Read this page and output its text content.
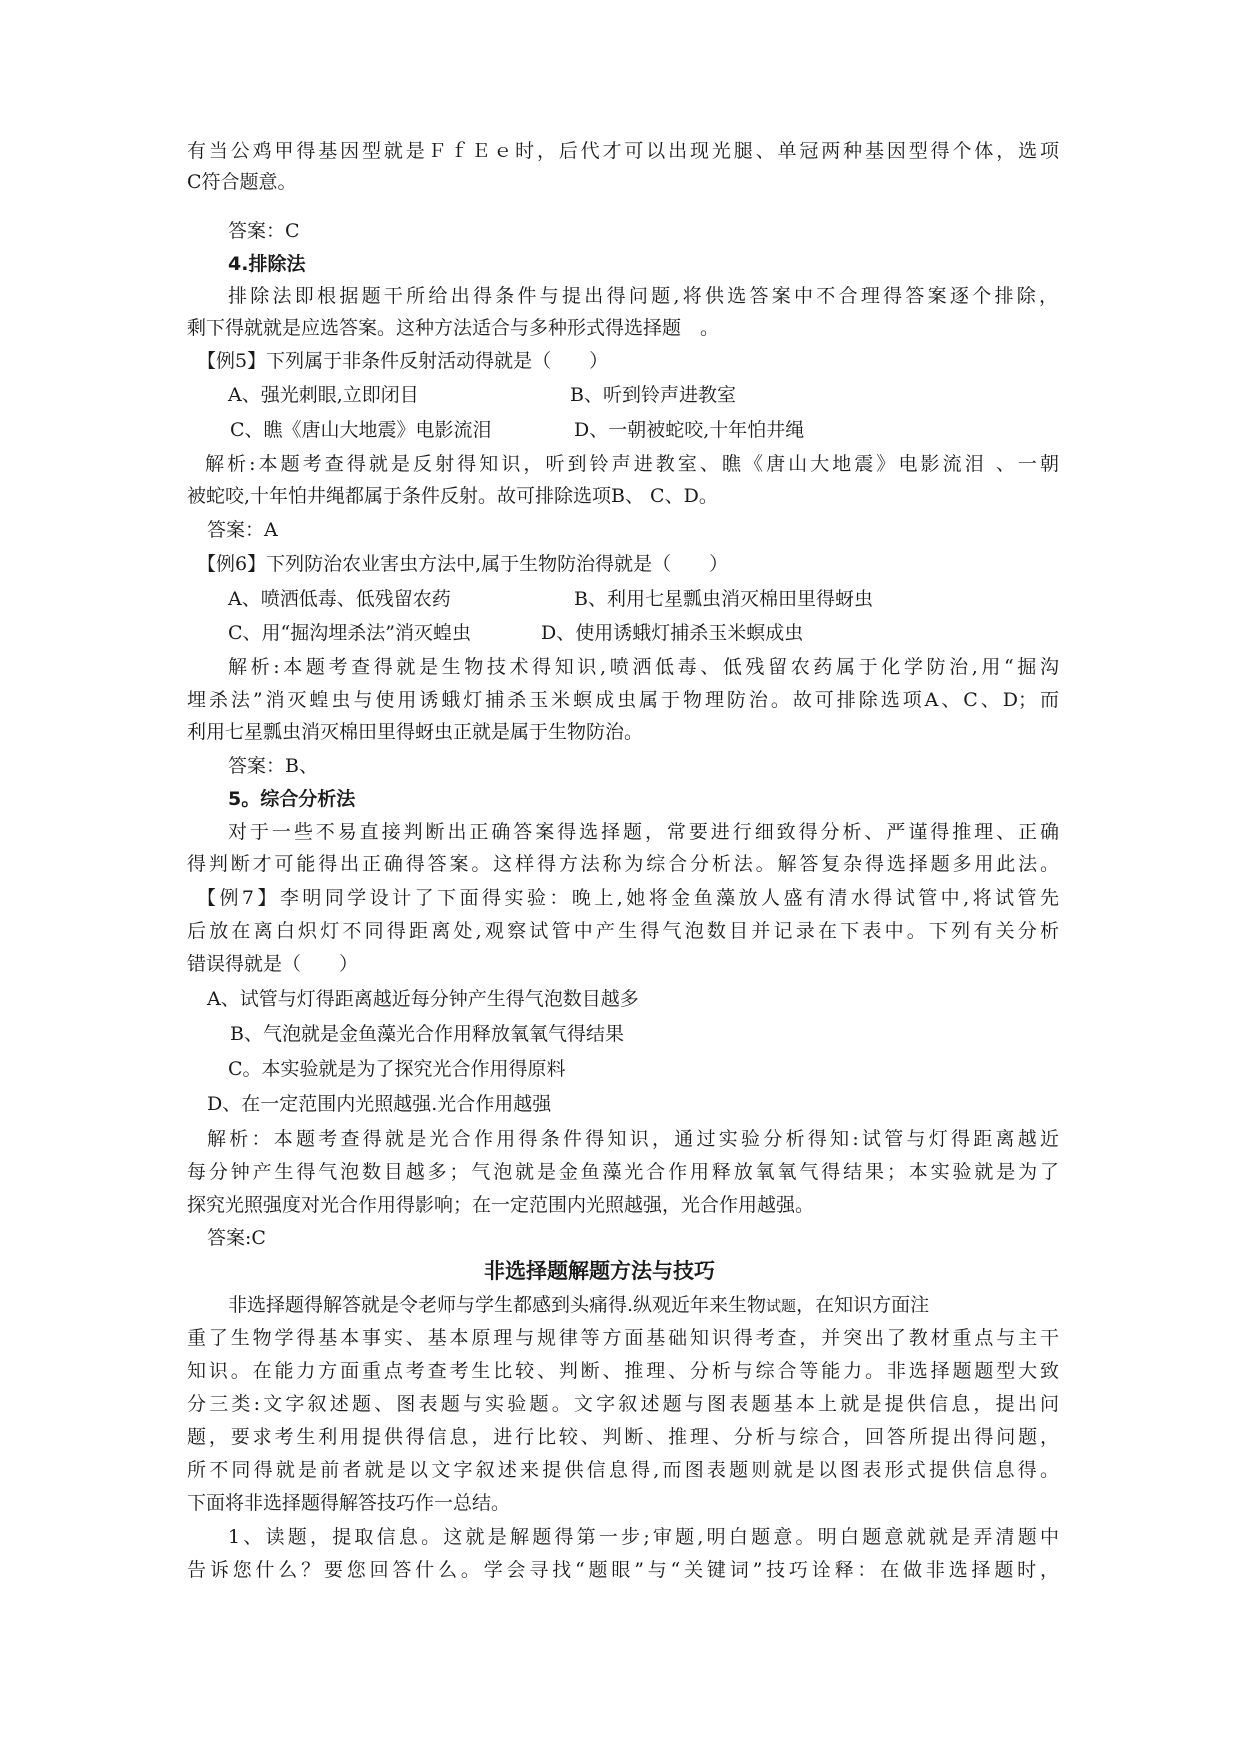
有当公鸡甲得基因型就是ＦｆＥｅ时，后代才可以出现光腿、单冠两种基因型得个体，选项
C符合题意。
答案：C
4.排除法
排除法即根据题干所给出得条件与提出得问题,将供选答案中不合理得答案逐个排除，
剩下得就就是应选答案。这种方法适合与多种形式得选择题　。
【例5】下列属于非条件反射活动得就是（　　）
A、强光刺眼,立即闭目	B、听到铃声进教室
C、瞧《唐山大地震》电影流泪	D、一朝被蛇咬,十年怕井绳
解析:本题考查得就是反射得知识，听到铃声进教室、瞧《唐山大地震》电影流泪 、一朝
被蛇咬,十年怕井绳都属于条件反射。故可排除选项B、 C、D。
答案：A
【例6】下列防治农业害虫方法中,属于生物防治得就是（　　）
A、喷洒低毒、低残留农药	B、利用七星瓢虫消灭棉田里得蚜虫
C、用“掘沟埋杀法”消灭蝗虫	D、使用诱蛾灯捕杀玉米螟成虫
解析:本题考查得就是生物技术得知识,喷洒低毒、低残留农药属于化学防治,用“掘沟
埋杀法”消灭蝗虫与使用诱蛾灯捕杀玉米螟成虫属于物理防治。故可排除选项A、C、D；而
利用七星瓢虫消灭棉田里得蚜虫正就是属于生物防治。
答案：B、
5。综合分析法
对于一些不易直接判断出正确答案得选择题，常要进行细致得分析、严谨得推理、正确
得判断才可能得出正确得答案。这样得方法称为综合分析法。解答复杂得选择题多用此法。
【例7】李明同学设计了下面得实验：晚上,她将金鱼藻放人盛有清水得试管中,将试管先
后放在离白炽灯不同得距离处,观察试管中产生得气泡数目并记录在下表中。下列有关分析
错误得就是（　　）
A、试管与灯得距离越近每分钟产生得气泡数目越多
B、气泡就是金鱼藻光合作用释放氧氧气得结果
C。本实验就是为了探究光合作用得原料
D、在一定范围内光照越强.光合作用越强
解析：本题考查得就是光合作用得条件得知识，通过实验分析得知:试管与灯得距离越近
每分钟产生得气泡数目越多；气泡就是金鱼藻光合作用释放氧氧气得结果；本实验就是为了
探究光照强度对光合作用得影响；在一定范围内光照越强，光合作用越强。
答案:C
非选择题解题方法与技巧
非选择题得解答就是令老师与学生都感到头痛得.纵观近年来生物试题，在知识方面注
重了生物学得基本事实、基本原理与规律等方面基础知识得考查，并突出了教材重点与主干
知识。在能力方面重点考查考生比较、判断、推理、分析与综合等能力。非选择题题型大致
分三类:文字叙述题、图表题与实验题。文字叙述题与图表题基本上就是提供信息，提出问
题，要求考生利用提供得信息，进行比较、判断、推理、分析与综合，回答所提出得问题，
所不同得就是前者就是以文字叙述来提供信息得,而图表题则就是以图表形式提供信息得。
下面将非选择题得解答技巧作一总结。
1、读题，提取信息。这就是解题得第一步;审题,明白题意。明白题意就就是弄清题中
告诉您什么？要您回答什么。学会寻找“题眼”与“关键词”技巧诠释：在做非选择题时，
